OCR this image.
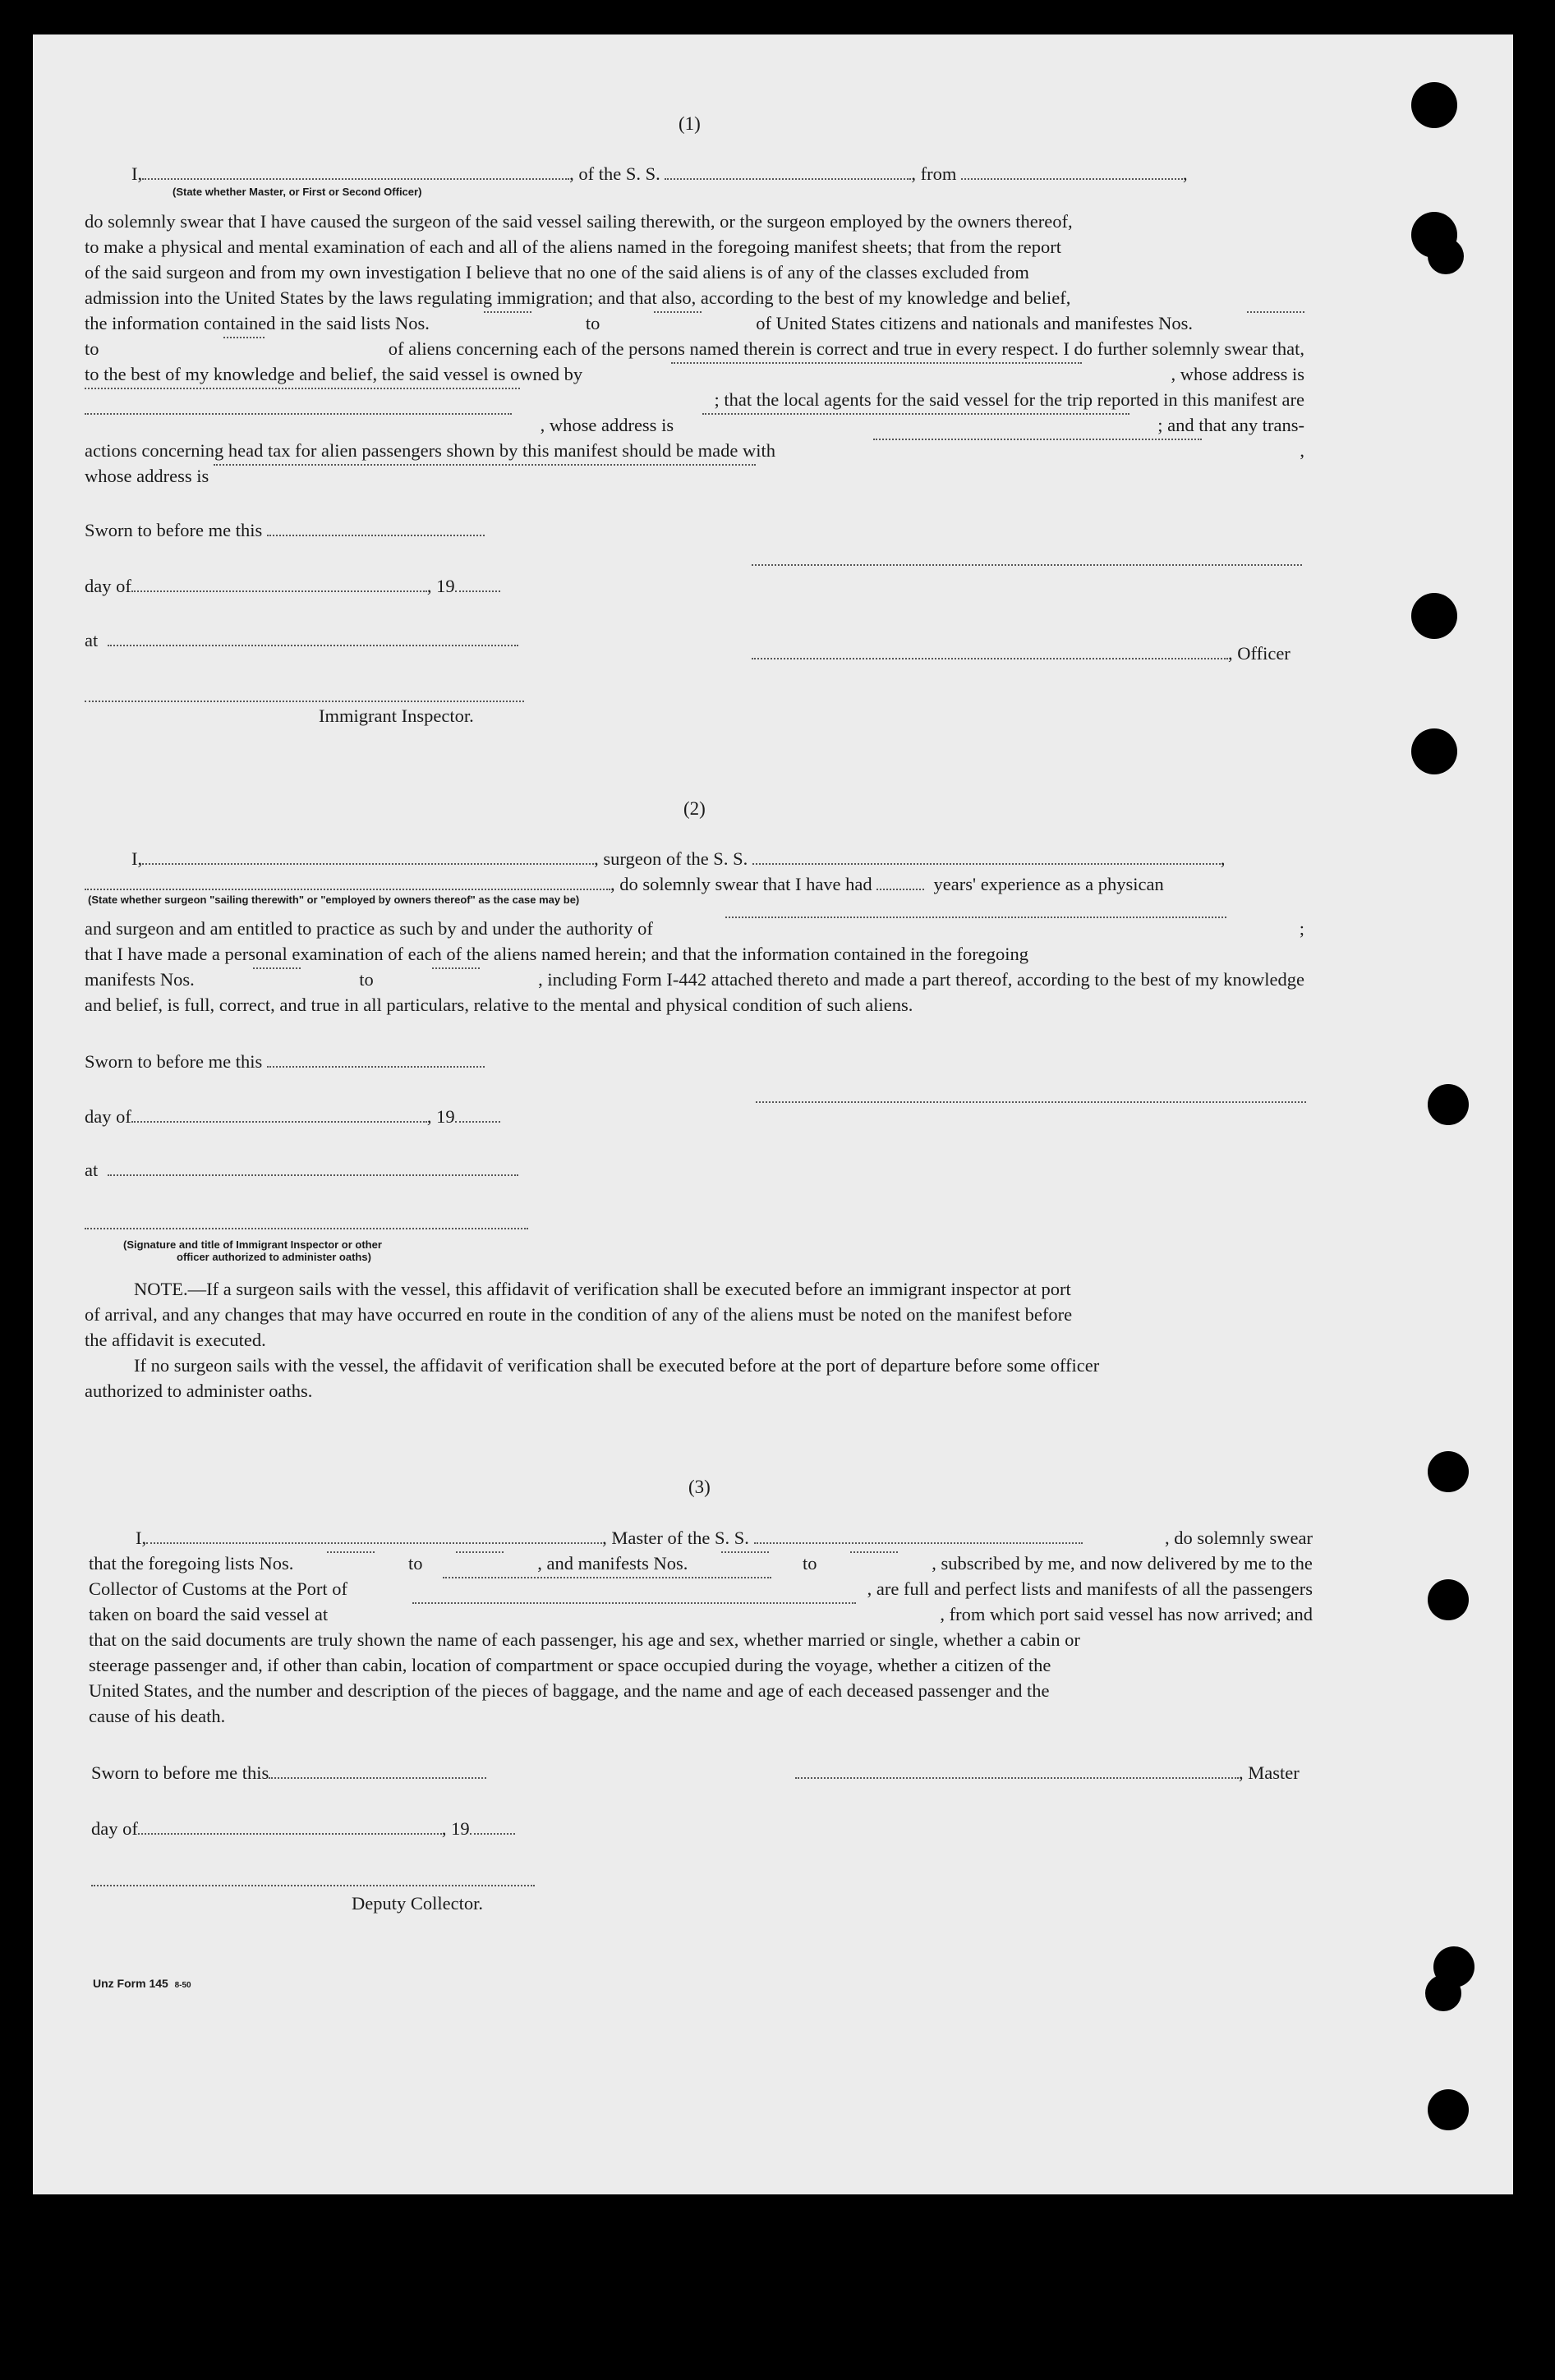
(1)
I,	, of the S. S.	, from	,
(State whether Master, or First or Second Officer)
do solemnly swear that I have caused the surgeon of the said vessel sailing therewith, or the surgeon employed by the owners thereof,
to make a physical and mental examination of each and all of the aliens named in the foregoing manifest sheets; that from the report
of the said surgeon and from my own investigation I believe that no one of the said aliens is of any of the classes excluded from
admission into the United States by the laws regulating immigration; and that also, according to the best of my knowledge and belief,
the information contained in the said lists Nos.	to	of United States citizens and nationals and manifestes Nos.
to	of aliens concerning each of the persons named therein is correct and true in every respect. I do further solemnly swear that,
to the best of my knowledge and belief, the said vessel is owned by	, whose address is
; that the local agents for the said vessel for the trip reported in this manifest are
, whose address is	; and that any trans-
actions concerning head tax for alien passengers shown by this manifest should be made with	,
whose address is

Sworn to before me this
day of	, 19
at
, Officer
Immigrant Inspector.
(2)
I,	, surgeon of the S. S.	,
, do solemnly swear that I have had	years' experience as a physican
(State whether surgeon "sailing therewith" or "employed by owners thereof" as the case may be)
and surgeon and am entitled to practice as such by and under the authority of	;
that I have made a personal examination of each of the aliens named herein; and that the information contained in the foregoing
manifests Nos.	to	, including Form I-442 attached thereto and made a part thereof, according to the best of my knowledge
and belief, is full, correct, and true in all particulars, relative to the mental and physical condition of such aliens.
Sworn to before me this
day of	, 19
at
(Signature and title of Immigrant Inspector or other
officer authorized to administer oaths)
NOTE.—If a surgeon sails with the vessel, this affidavit of verification shall be executed before an immigrant inspector at port
of arrival, and any changes that may have occurred en route in the condition of any of the aliens must be noted on the manifest before
the affidavit is executed.
If no surgeon sails with the vessel, the affidavit of verification shall be executed before at the port of departure before some officer
authorized to administer oaths.
(3)
I,	, Master of the S. S.	, do solemnly swear
that the foregoing lists Nos.	to	, and manifests Nos.	to	, subscribed by me, and now delivered by me to the
Collector of Customs at the Port of	, are full and perfect lists and manifests of all the passengers
taken on board the said vessel at	, from which port said vessel has now arrived; and
that on the said documents are truly shown the name of each passenger, his age and sex, whether married or single, whether a cabin or
steerage passenger and, if other than cabin, location of compartment or space occupied during the voyage, whether a citizen of the
United States, and the number and description of the pieces of baggage, and the name and age of each deceased passenger and the
cause of his death.
Sworn to before me this	, Master
day of	, 19
Deputy Collector.
Unz Form 145 8-50
